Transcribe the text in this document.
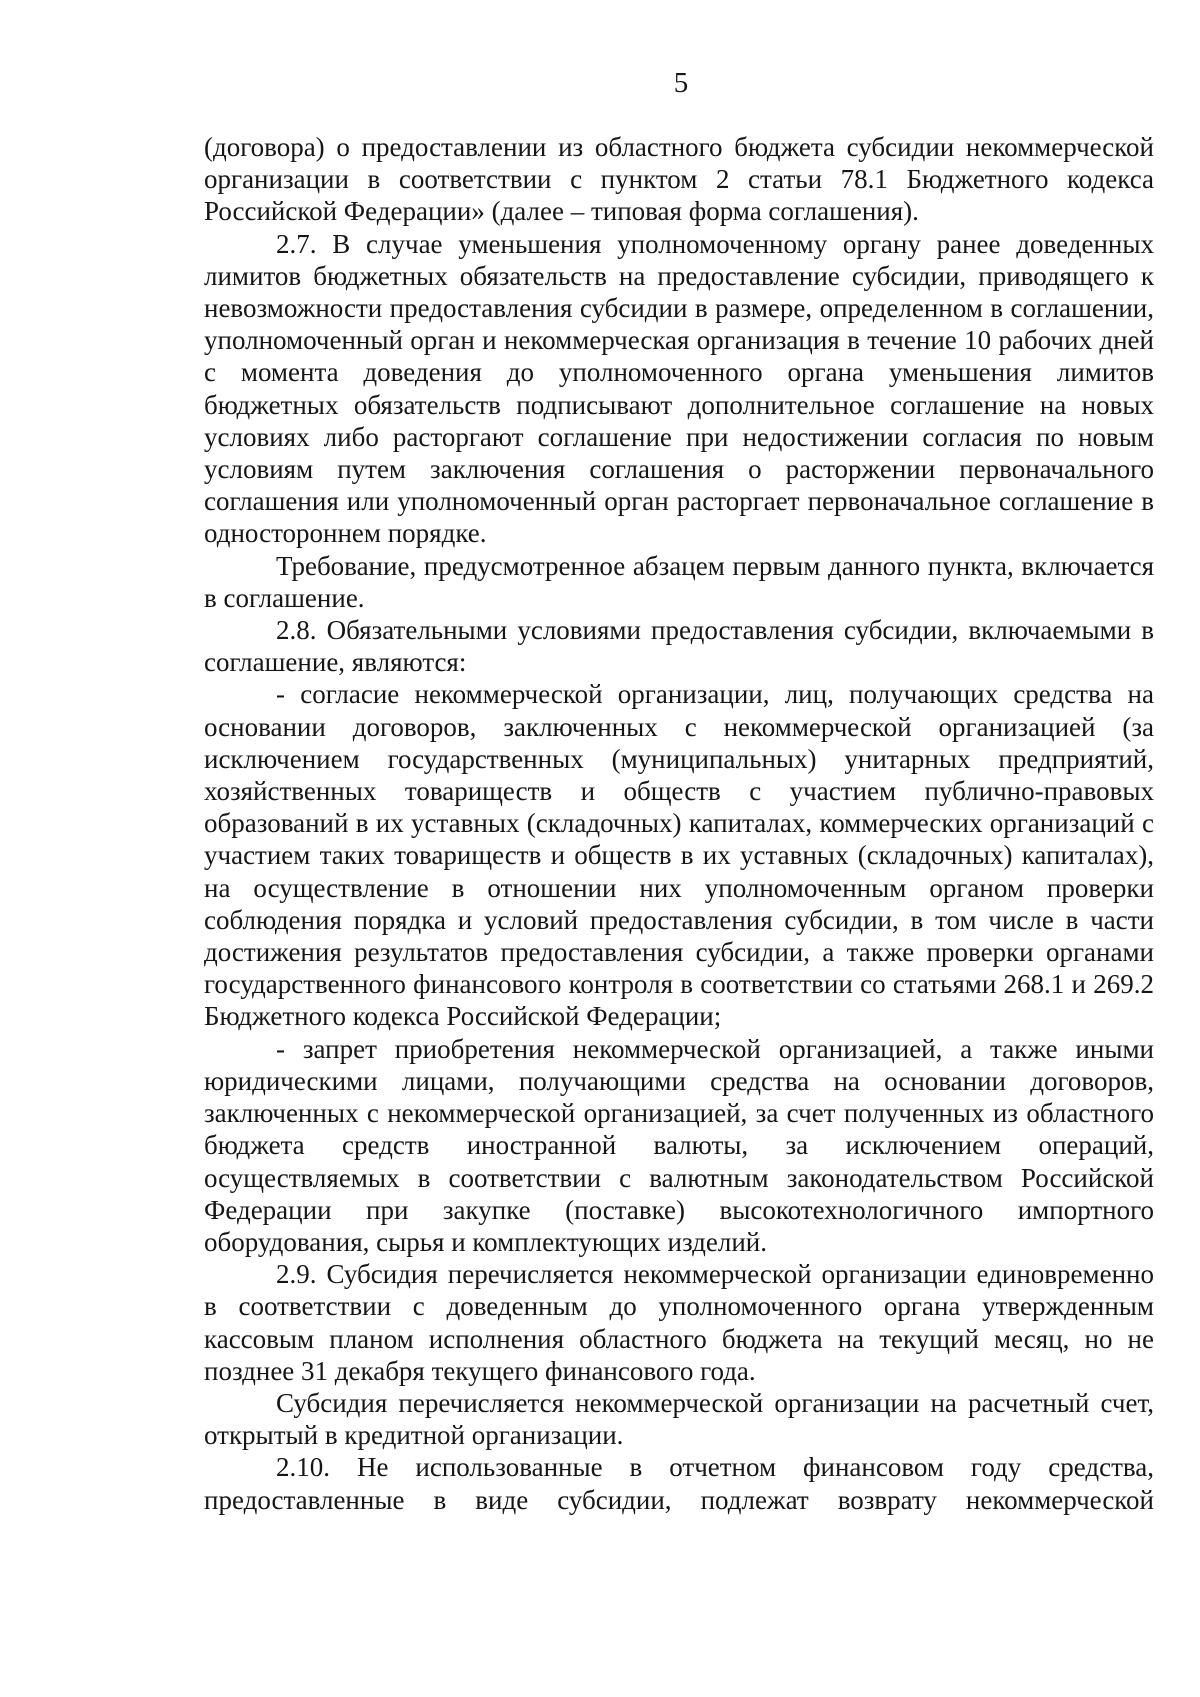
5

(договора) о предоставлении из областного бюджета субсидии некоммерческой организации в соответствии с пунктом 2 статьи 78.1 Бюджетного кодекса Российской Федерации» (далее – типовая форма соглашения).

2.7. В случае уменьшения уполномоченному органу ранее доведенных лимитов бюджетных обязательств на предоставление субсидии, приводящего к невозможности предоставления субсидии в размере, определенном в соглашении, уполномоченный орган и некоммерческая организация в течение 10 рабочих дней с момента доведения до уполномоченного органа уменьшения лимитов бюджетных обязательств подписывают дополнительное соглашение на новых условиях либо расторгают соглашение при недостижении согласия по новым условиям путем заключения соглашения о расторжении первоначального соглашения или уполномоченный орган расторгает первоначальное соглашение в одностороннем порядке.

Требование, предусмотренное абзацем первым данного пункта, включается в соглашение.

2.8. Обязательными условиями предоставления субсидии, включаемыми в соглашение, являются:

- согласие некоммерческой организации, лиц, получающих средства на основании договоров, заключенных с некоммерческой организацией (за исключением государственных (муниципальных) унитарных предприятий, хозяйственных товариществ и обществ с участием публично-правовых образований в их уставных (складочных) капиталах, коммерческих организаций с участием таких товариществ и обществ в их уставных (складочных) капиталах), на осуществление в отношении них уполномоченным органом проверки соблюдения порядка и условий предоставления субсидии, в том числе в части достижения результатов предоставления субсидии, а также проверки органами государственного финансового контроля в соответствии со статьями 268.1 и 269.2 Бюджетного кодекса Российской Федерации;

- запрет приобретения некоммерческой организацией, а также иными юридическими лицами, получающими средства на основании договоров, заключенных с некоммерческой организацией, за счет полученных из областного бюджета средств иностранной валюты, за исключением операций, осуществляемых в соответствии с валютным законодательством Российской Федерации при закупке (поставке) высокотехнологичного импортного оборудования, сырья и комплектующих изделий.

2.9. Субсидия перечисляется некоммерческой организации единовременно в соответствии с доведенным до уполномоченного органа утвержденным кассовым планом исполнения областного бюджета на текущий месяц, но не позднее 31 декабря текущего финансового года.

Субсидия перечисляется некоммерческой организации на расчетный счет, открытый в кредитной организации.

2.10. Не использованные в отчетном финансовом году средства, предоставленные в виде субсидии, подлежат возврату некоммерческой
